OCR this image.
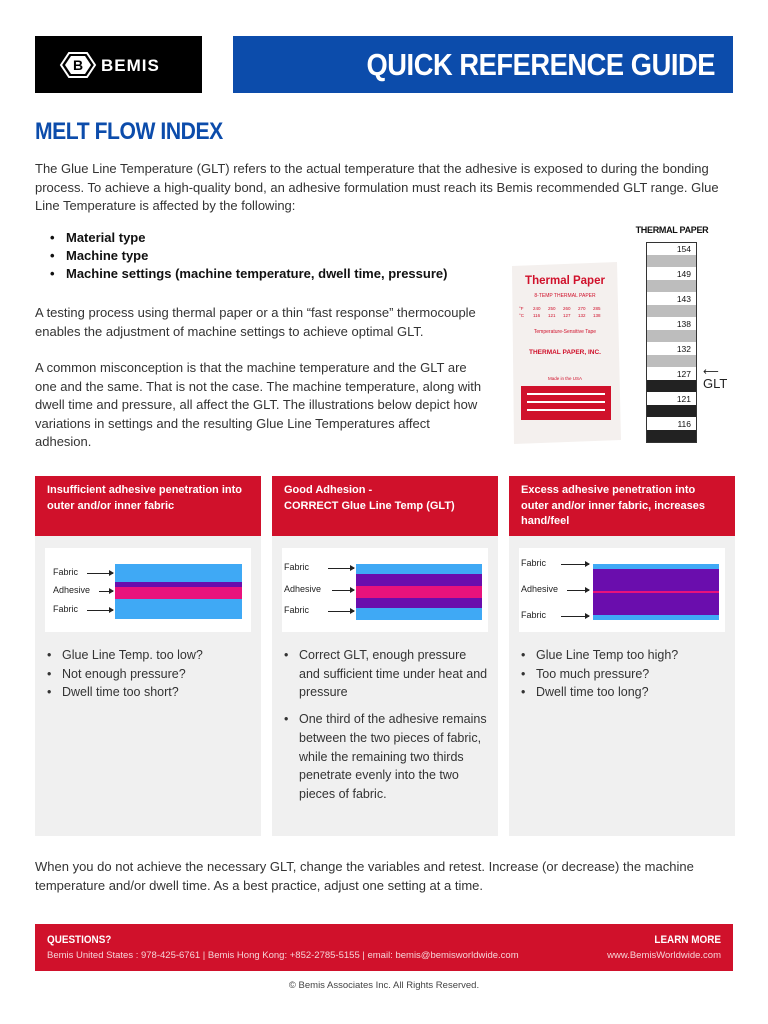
B BEMIS	QUICK REFERENCE GUIDE
MELT FLOW INDEX

The Glue Line Temperature (GLT) refers to the actual temperature that the adhesive is exposed to during the bonding process. To achieve a high-quality bond, an adhesive formulation must reach its Bemis recommended GLT range. Glue Line Temperature is affected by the following:

• Material type
• Machine type
• Machine settings (machine temperature, dwell time, pressure)

A testing process using thermal paper or a thin “fast response” thermocouple enables the adjustment of machine settings to achieve optimal GLT.

A common misconception is that the machine temperature and the GLT are one and the same. That is not the case. The machine temperature, along with dwell time and pressure, all affect the GLT. The illustrations below depict how variations in settings and the resulting Glue Line Temperatures affect adhesion.

Thermal Paper
8-TEMP THERMAL PAPER
°F 240 250 260 270 285
°C 116 121 127 132 138
Temperature-Sensitive Tape
THERMAL PAPER, INC.
Made in the USA
THERMAL PAPER
154
149
143
138
132
127
121
116
⟵
GLT
Insufficient adhesive penetration into outer and/or inner fabric
Fabric
Adhesive
Fabric
• Glue Line Temp. too low?
• Not enough pressure?
• Dwell time too short?
Good Adhesion -
CORRECT Glue Line Temp (GLT)
Fabric
Adhesive
Fabric
• Correct GLT, enough pressure and sufficient time under heat and pressure
• One third of the adhesive remains between the two pieces of fabric, while the remaining two thirds penetrate evenly into the two pieces of fabric.
Excess adhesive penetration into outer and/or inner fabric, increases hand/feel
Fabric
Adhesive
Fabric
• Glue Line Temp too high?
• Too much pressure?
• Dwell time too long?

When you do not achieve the necessary GLT, change the variables and retest. Increase (or decrease) the machine temperature and/or dwell time. As a best practice, adjust one setting at a time.

QUESTIONS?
Bemis United States : 978-425-6761 | Bemis Hong Kong: +852-2785-5155 | email: bemis@bemisworldwide.com
LEARN MORE
www.BemisWorldwide.com
© Bemis Associates Inc. All Rights Reserved.
